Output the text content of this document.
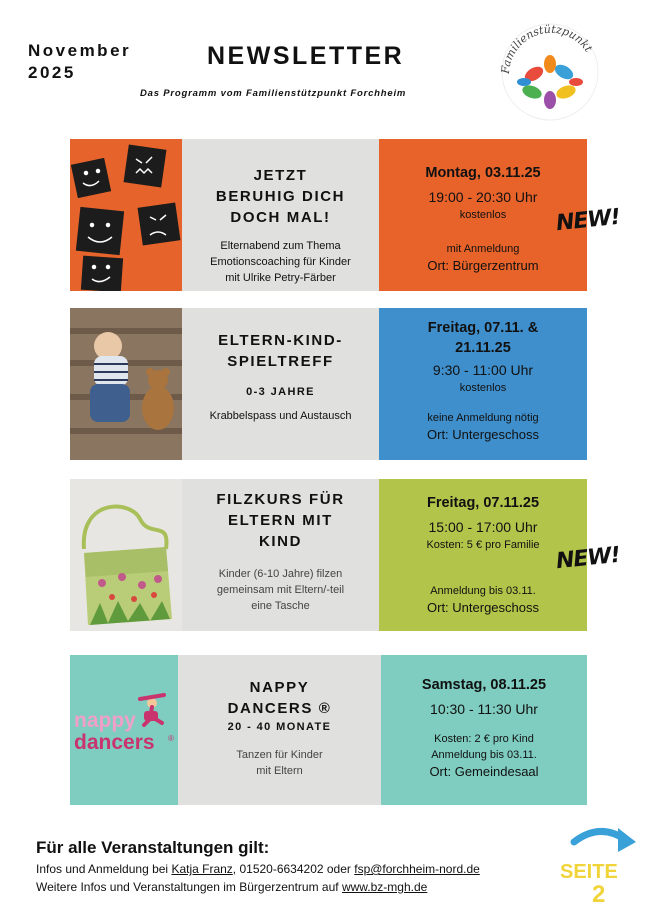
November
2025
NEWSLETTER
Das Programm vom Familienstützpunkt Forchheim
Familienstützpunkt
JETZT
BERUHIG DICH
DOCH MAL!
Elternabend zum Thema
Emotionscoaching für Kinder
mit Ulrike Petry-Färber
Montag, 03.11.25
19:00 - 20:30 Uhr
kostenlos
mit Anmeldung
Ort: Bürgerzentrum
NEW!
ELTERN-KIND-
SPIELTREFF
0-3 JAHRE
Krabbelspass und Austausch
Freitag, 07.11. &
21.11.25
9:30 - 11:00 Uhr
kostenlos
keine Anmeldung nötig
Ort: Untergeschoss
FILZKURS FÜR
ELTERN MIT
KIND
Kinder (6-10 Jahre) filzen
gemeinsam mit Eltern/-teil
eine Tasche
Freitag, 07.11.25
15:00 - 17:00 Uhr
Kosten: 5 € pro Familie
Anmeldung bis 03.11.
Ort: Untergeschoss
NEW!
nappy
dancers ®
NAPPY
DANCERS ®
20 - 40 MONATE
Tanzen für Kinder
mit Eltern
Samstag, 08.11.25
10:30 - 11:30 Uhr
Kosten: 2 € pro Kind
Anmeldung bis 03.11.
Ort: Gemeindesaal
Für alle Veranstaltungen gilt:
Infos und Anmeldung bei Katja Franz, 01520-6634202 oder fsp@forchheim-nord.de
Weitere Infos und Veranstaltungen im Bürgerzentrum auf www.bz-mgh.de
SEITE
2
